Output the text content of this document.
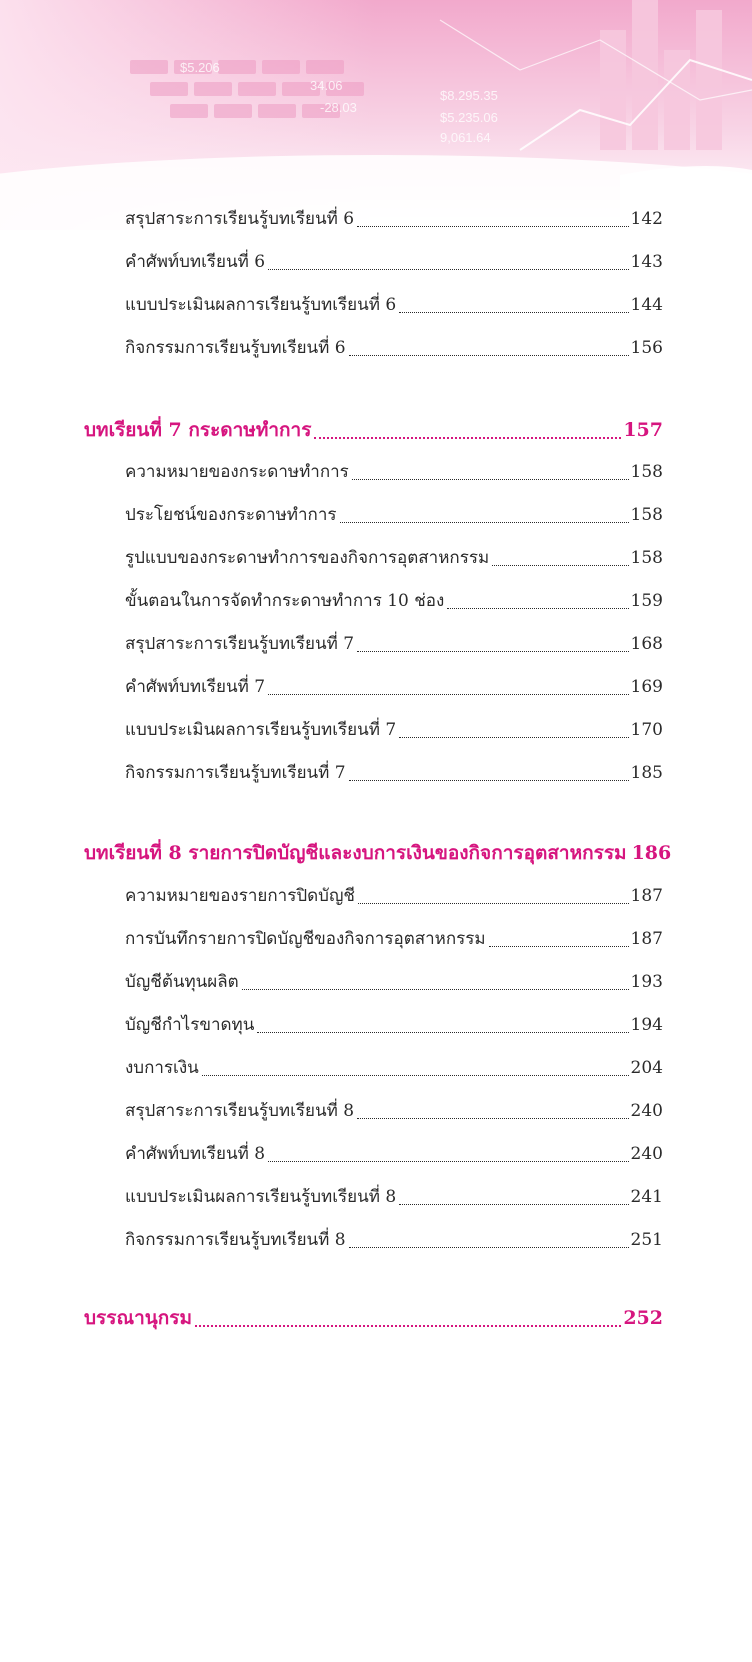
$5.206
34.06
-28.03
$8.295.35
$5.235.06
9,061.64
สรุปสาระการเรียนรู้บทเรียนที่ 6	142
คำศัพท์บทเรียนที่ 6	143
แบบประเมินผลการเรียนรู้บทเรียนที่ 6	144
กิจกรรมการเรียนรู้บทเรียนที่ 6	156
บทเรียนที่ 7 กระดาษทำการ	157
ความหมายของกระดาษทำการ	158
ประโยชน์ของกระดาษทำการ	158
รูปแบบของกระดาษทำการของกิจการอุตสาหกรรม	158
ขั้นตอนในการจัดทำกระดาษทำการ 10 ช่อง	159
สรุปสาระการเรียนรู้บทเรียนที่ 7	168
คำศัพท์บทเรียนที่ 7	169
แบบประเมินผลการเรียนรู้บทเรียนที่ 7	170
กิจกรรมการเรียนรู้บทเรียนที่ 7	185
บทเรียนที่ 8 รายการปิดบัญชีและงบการเงินของกิจการอุตสาหกรรม 186
ความหมายของรายการปิดบัญชี	187
การบันทึกรายการปิดบัญชีของกิจการอุตสาหกรรม	187
บัญชีต้นทุนผลิต	193
บัญชีกำไรขาดทุน	194
งบการเงิน	204
สรุปสาระการเรียนรู้บทเรียนที่ 8	240
คำศัพท์บทเรียนที่ 8	240
แบบประเมินผลการเรียนรู้บทเรียนที่ 8	241
กิจกรรมการเรียนรู้บทเรียนที่ 8	251
บรรณานุกรม	252
